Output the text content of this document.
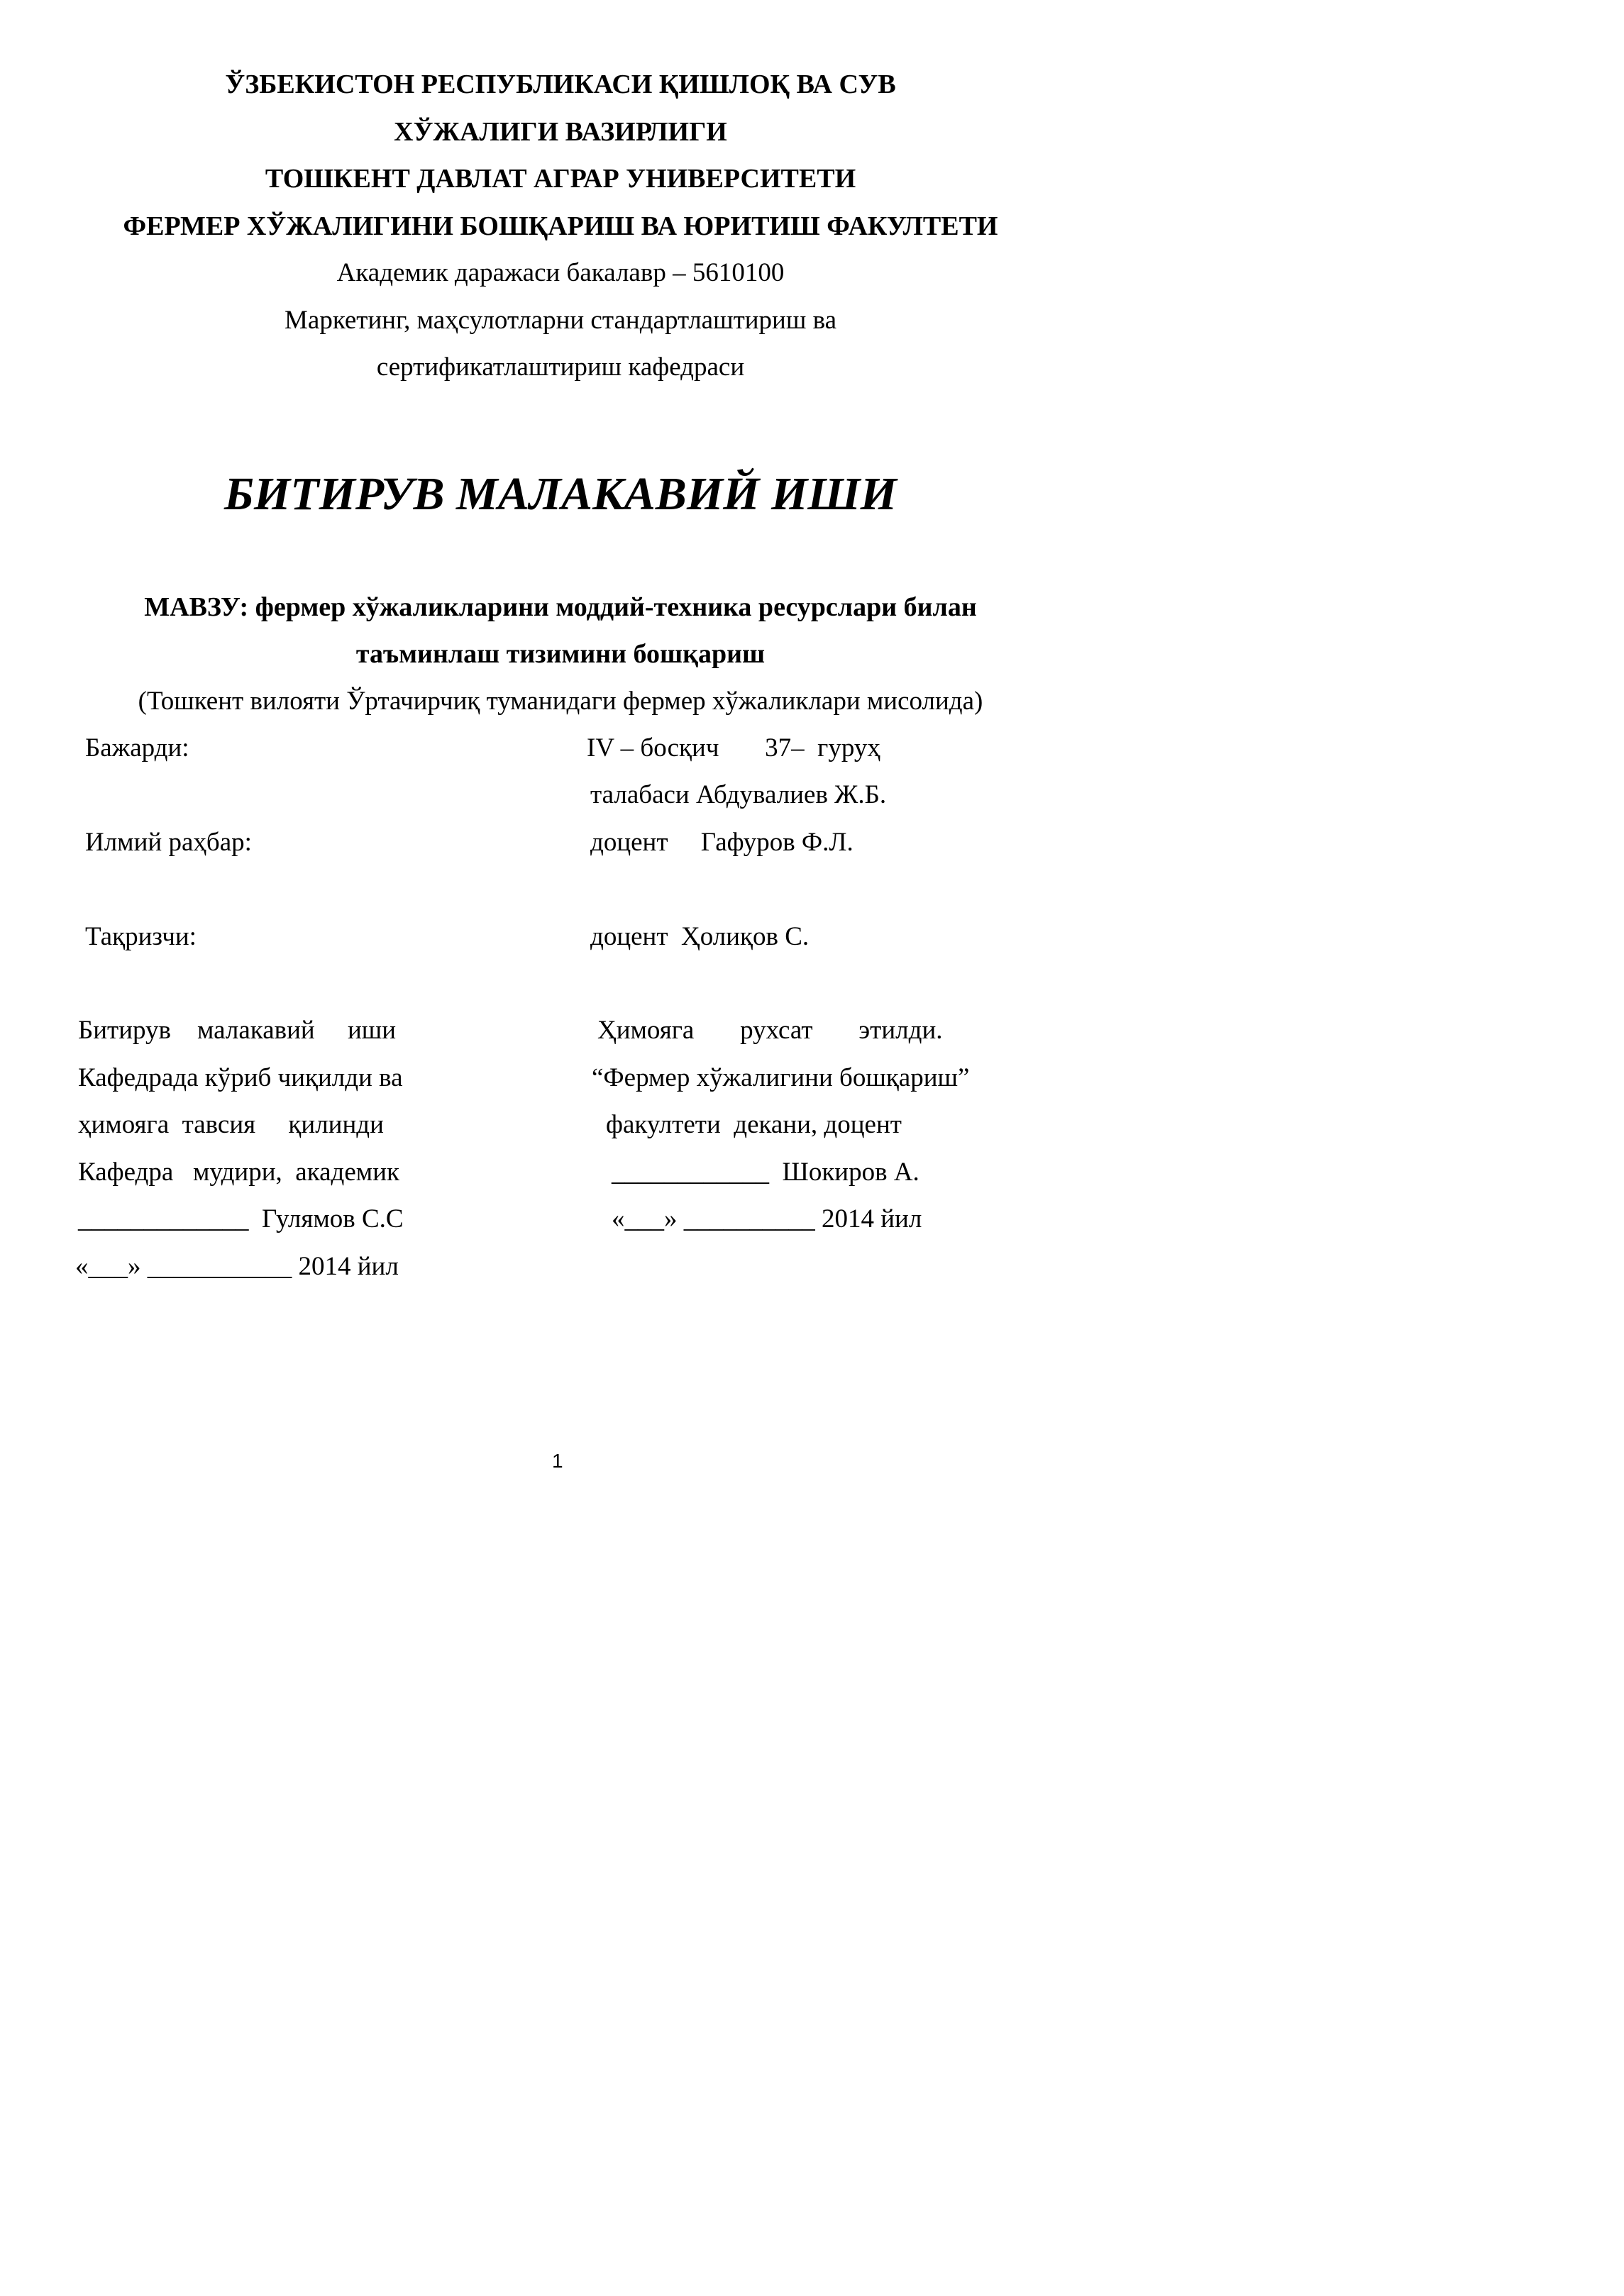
ЎЗБЕКИСТОН РЕСПУБЛИКАСИ ҚИШЛОҚ ВА СУВ
ХЎЖАЛИГИ ВАЗИРЛИГИ
ТОШКЕНТ ДАВЛАТ АГРАР УНИВЕРСИТЕТИ
ФЕРМЕР ХЎЖАЛИГИНИ БОШҚАРИШ ВА ЮРИТИШ ФАКУЛТЕТИ
Академик даражаси бакалавр – 5610100
Маркетинг, маҳсулотларни стандартлаштириш ва
сертификатлаштириш кафедраси
БИТИРУВ МАЛАКАВИЙ ИШИ
МАВЗУ: фермер хўжаликларини моддий-техника ресурслари билан
таъминлаш тизимини бошқариш
(Тошкент вилояти Ўртачирчиқ туманидаги фермер хўжаликлари мисолида)
Бажарди:	IV – босқич       37–  гуруҳ
талабаси Абдувалиев Ж.Б.
Илмий раҳбар:	доцент     Гафуров Ф.Л.
Тақризчи:	доцент  Ҳолиқов С.
Битирув    малакавий     иши
Кафедрада кўриб чиқилди ва
ҳимояга  тавсия     қилинди
Кафедра   мудири,  академик
_____________  Гулямов С.С
«___» ___________ 2014 йил
Ҳимояга       рухсат       этилди.
“Фермер хўжалигини бошқариш”
факултети  декани, доцент
____________  Шокиров А.
«___» __________ 2014 йил
1
